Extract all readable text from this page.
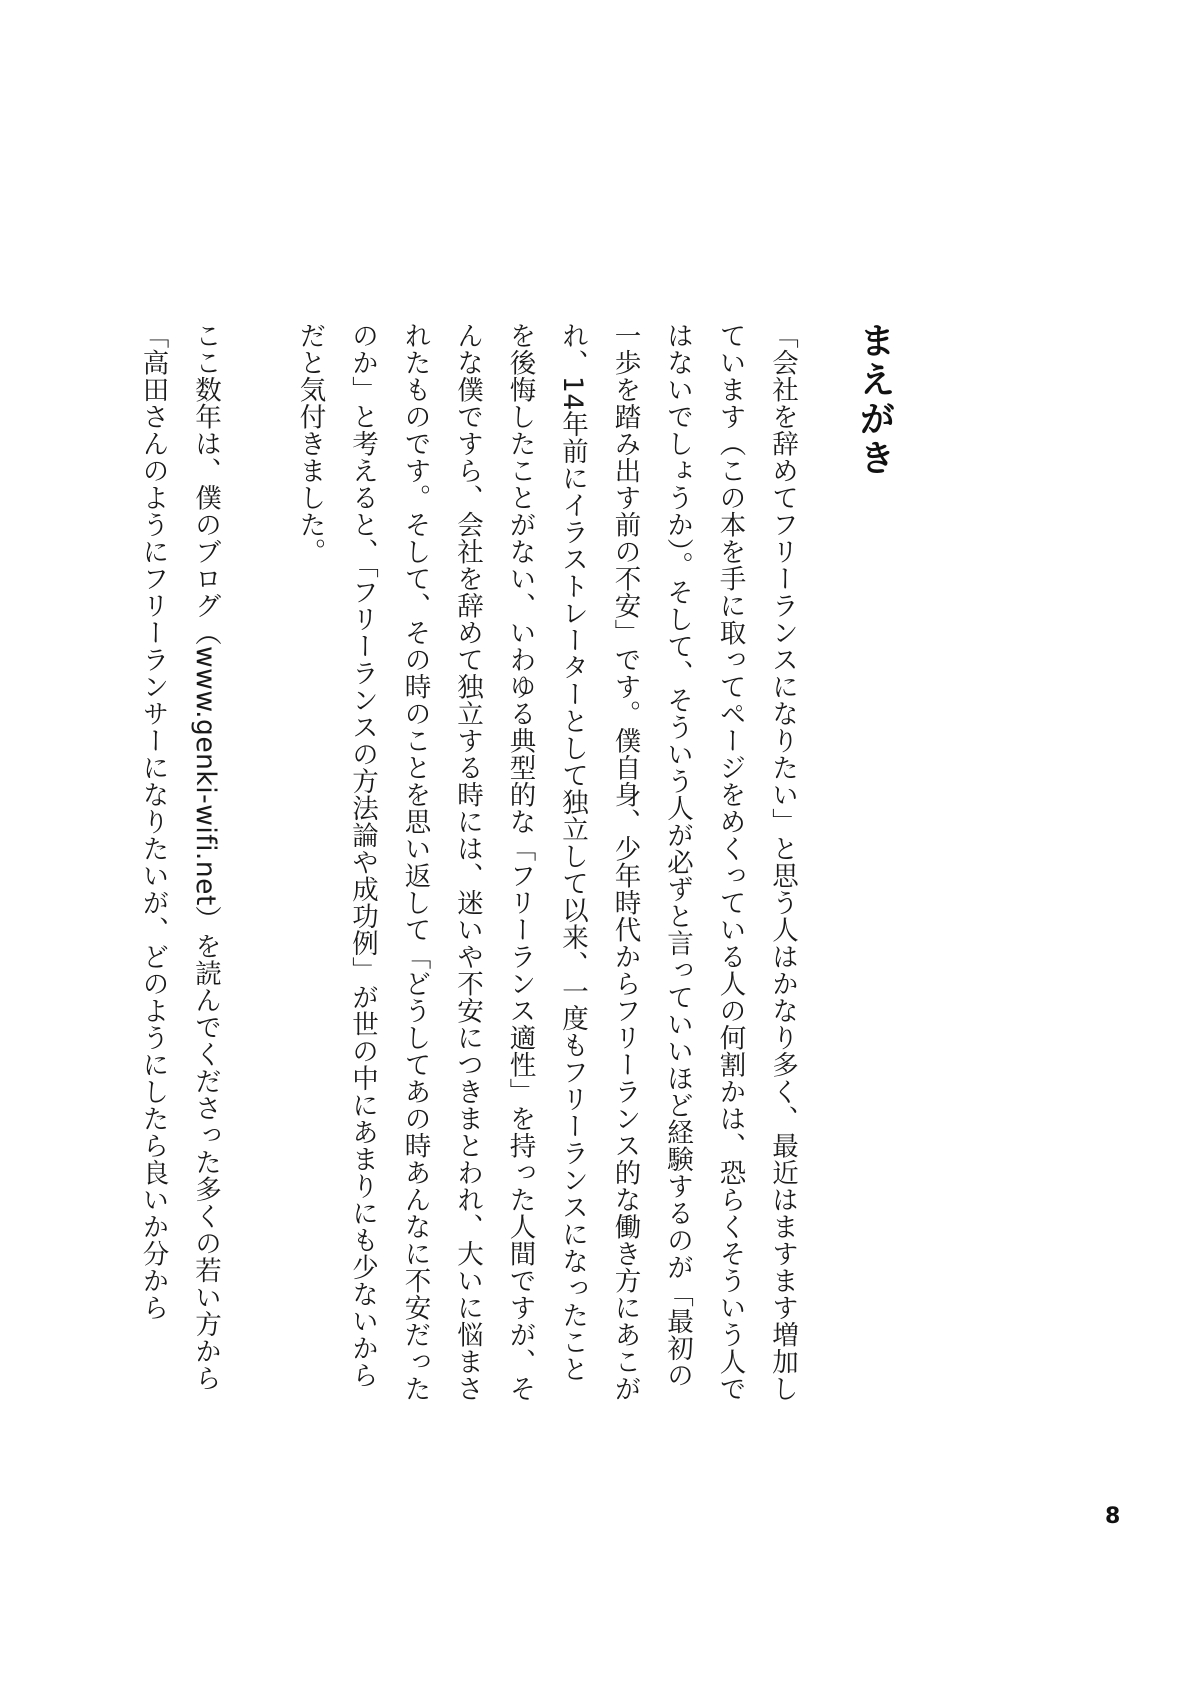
まえがき

「会社を辞めてフリーランスになりたい」と思う人はかなり多く、最近はますます増加しています（この本を手に取ってページをめくっている人の何割かは、恐らくそういう人ではないでしょうか）。そして、そういう人が必ずと言っていいほど経験するのが「最初の一歩を踏み出す前の不安」です。僕自身、少年時代からフリーランス的な働き方にあこがれ、14年前にイラストレーターとして独立して以来、一度もフリーランスになったことを後悔したことがない、いわゆる典型的な「フリーランス適性」を持った人間ですが、そんな僕ですら、会社を辞めて独立する時には、迷いや不安につきまとわれ、大いに悩まされたものです。そして、その時のことを思い返して「どうしてあの時あんなに不安だったのか」と考えると、「フリーランスの方法論や成功例」が世の中にあまりにも少ないからだと気付きました。

ここ数年は、僕のブログ（www.genki-wifi.net）を読んでくださった多くの若い方から「高田さんのようにフリーランサーになりたいが、どのようにしたら良いか分から

8
